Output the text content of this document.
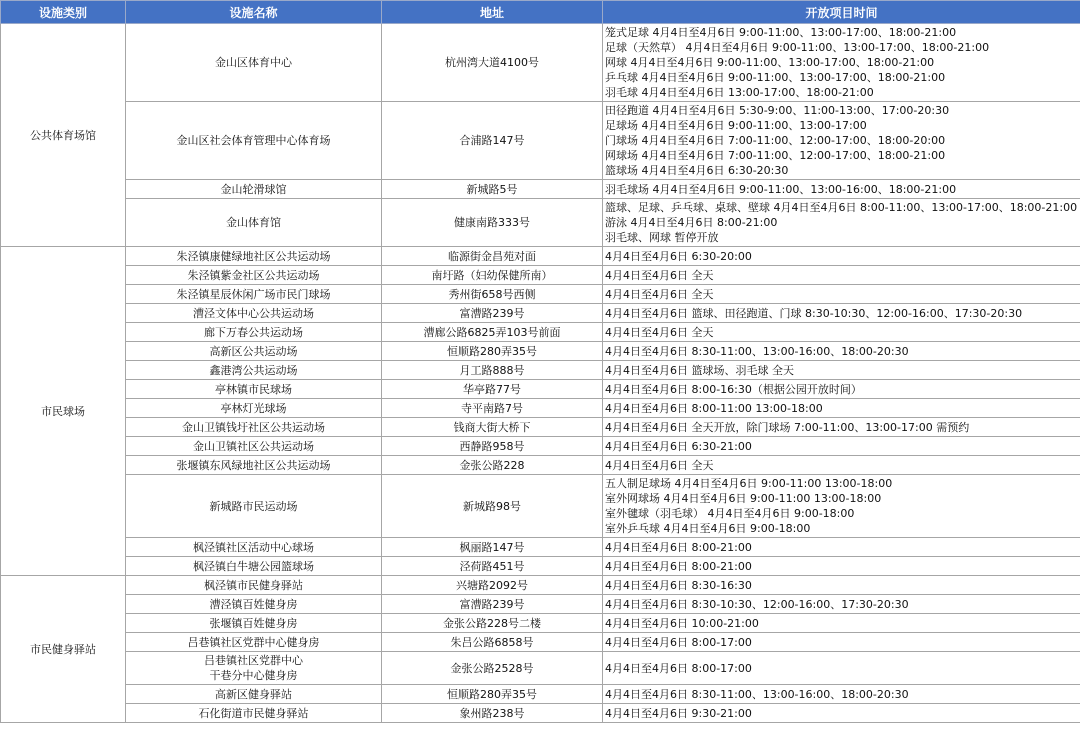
设施类别	设施名称	地址	开放项目时间
公共体育场馆	金山区体育中心	杭州湾大道4100号	笼式足球 4月4日至4月6日 9:00-11:00、13:00-17:00、18:00-21:00
足球（天然草） 4月4日至4月6日 9:00-11:00、13:00-17:00、18:00-21:00
网球 4月4日至4月6日 9:00-11:00、13:00-17:00、18:00-21:00
乒乓球 4月4日至4月6日 9:00-11:00、13:00-17:00、18:00-21:00
羽毛球 4月4日至4月6日 13:00-17:00、18:00-21:00

	金山区社会体育管理中心体育场	合浦路147号	田径跑道 4月4日至4月6日 5:30-9:00、11:00-13:00、17:00-20:30
足球场 4月4日至4月6日 9:00-11:00、13:00-17:00
门球场 4月4日至4月6日 7:00-11:00、12:00-17:00、18:00-20:00
网球场 4月4日至4月6日 7:00-11:00、12:00-17:00、18:00-21:00
篮球场 4月4日至4月6日 6:30-20:30

	金山轮滑球馆	新城路5号	羽毛球场 4月4日至4月6日 9:00-11:00、13:00-16:00、18:00-21:00

	金山体育馆	健康南路333号	篮球、足球、乒乓球、桌球、壁球 4月4日至4月6日 8:00-11:00、13:00-17:00、18:00-21:00
游泳 4月4日至4月6日 8:00-21:00
羽毛球、网球 暂停开放

市民球场	朱泾镇康健绿地社区公共运动场	临源街金昌苑对面	4月4日至4月6日 6:30-20:00

	朱泾镇紫金社区公共运动场	南圩路（妇幼保健所南）	4月4日至4月6日 全天

	朱泾镇星辰休闲广场市民门球场	秀州街658号西侧	4月4日至4月6日 全天

	漕泾文体中心公共运动场	富漕路239号	4月4日至4月6日 篮球、田径跑道、门球 8:30-10:30、12:00-16:00、17:30-20:30

	廊下万春公共运动场	漕廊公路6825弄103号前面	4月4日至4月6日 全天

	高新区公共运动场	恒顺路280弄35号	4月4日至4月6日 8:30-11:00、13:00-16:00、18:00-20:30

	鑫港湾公共运动场	月工路888号	4月4日至4月6日 篮球场、羽毛球 全天

	亭林镇市民球场	华亭路77号	4月4日至4月6日 8:00-16:30（根据公园开放时间）

	亭林灯光球场	寺平南路7号	4月4日至4月6日 8:00-11:00 13:00-18:00

	金山卫镇钱圩社区公共运动场	钱商大街大桥下	4月4日至4月6日 全天开放，除门球场 7:00-11:00、13:00-17:00 需预约

	金山卫镇社区公共运动场	西静路958号	4月4日至4月6日 6:30-21:00

	张堰镇东风绿地社区公共运动场	金张公路228	4月4日至4月6日 全天

	新城路市民运动场	新城路98号	五人制足球场 4月4日至4月6日 9:00-11:00 13:00-18:00
室外网球场 4月4日至4月6日 9:00-11:00 13:00-18:00
室外毽球（羽毛球） 4月4日至4月6日 9:00-18:00
室外乒乓球 4月4日至4月6日 9:00-18:00

	枫泾镇社区活动中心球场	枫丽路147号	4月4日至4月6日 8:00-21:00

	枫泾镇白牛塘公园篮球场	泾荷路451号	4月4日至4月6日 8:00-21:00

市民健身驿站	枫泾镇市民健身驿站	兴塘路2092号	4月4日至4月6日 8:30-16:30

	漕泾镇百姓健身房	富漕路239号	4月4日至4月6日 8:30-10:30、12:00-16:00、17:30-20:30

	张堰镇百姓健身房	金张公路228号二楼	4月4日至4月6日 10:00-21:00

	吕巷镇社区党群中心健身房	朱吕公路6858号	4月4日至4月6日 8:00-17:00

	吕巷镇社区党群中心
干巷分中心健身房	金张公路2528号	4月4日至4月6日 8:00-17:00

	高新区健身驿站	恒顺路280弄35号	4月4日至4月6日 8:30-11:00、13:00-16:00、18:00-20:30

	石化街道市民健身驿站	象州路238号	4月4日至4月6日 9:30-21:00
